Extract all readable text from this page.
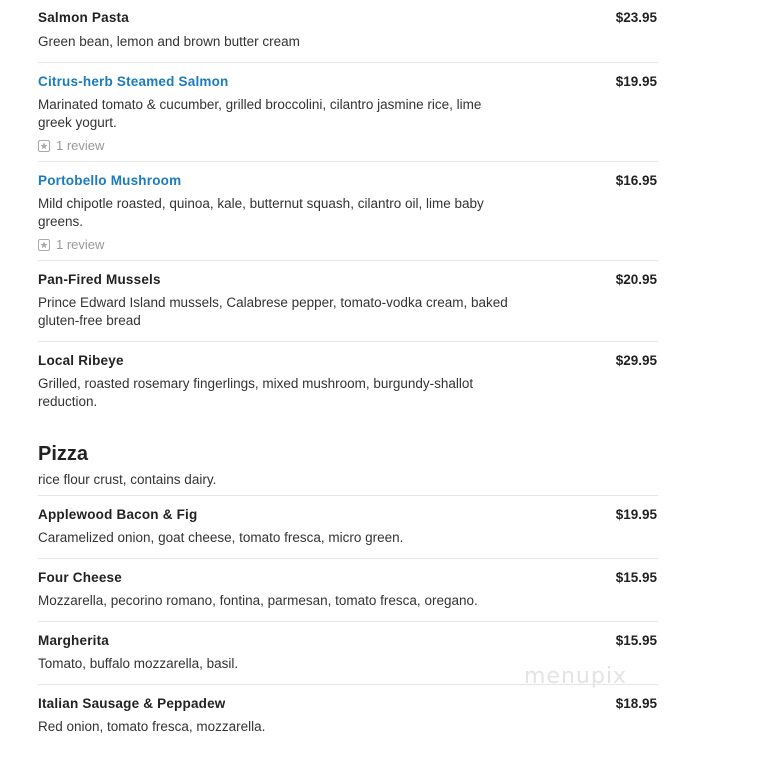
$23.95
Salmon Pasta
Green bean, lemon and brown butter cream
$19.95
Citrus-herb Steamed Salmon
Marinated tomato & cucumber, grilled broccolini, cilantro jasmine rice, lime greek yogurt.
1 review
$16.95
Portobello Mushroom
Mild chipotle roasted, quinoa, kale, butternut squash, cilantro oil, lime baby greens.
1 review
$20.95
Pan-Fired Mussels
Prince Edward Island mussels, Calabrese pepper, tomato-vodka cream, baked gluten-free bread
$29.95
Local Ribeye
Grilled, roasted rosemary fingerlings, mixed mushroom, burgundy-shallot reduction.
Pizza
rice flour crust, contains dairy.
$19.95
Applewood Bacon & Fig
Caramelized onion, goat cheese, tomato fresca, micro green.
$15.95
Four Cheese
Mozzarella, pecorino romano, fontina, parmesan, tomato fresca, oregano.
$15.95
Margherita
Tomato, buffalo mozzarella, basil.
$18.95
Italian Sausage & Peppadew
Red onion, tomato fresca, mozzarella.
menupix
